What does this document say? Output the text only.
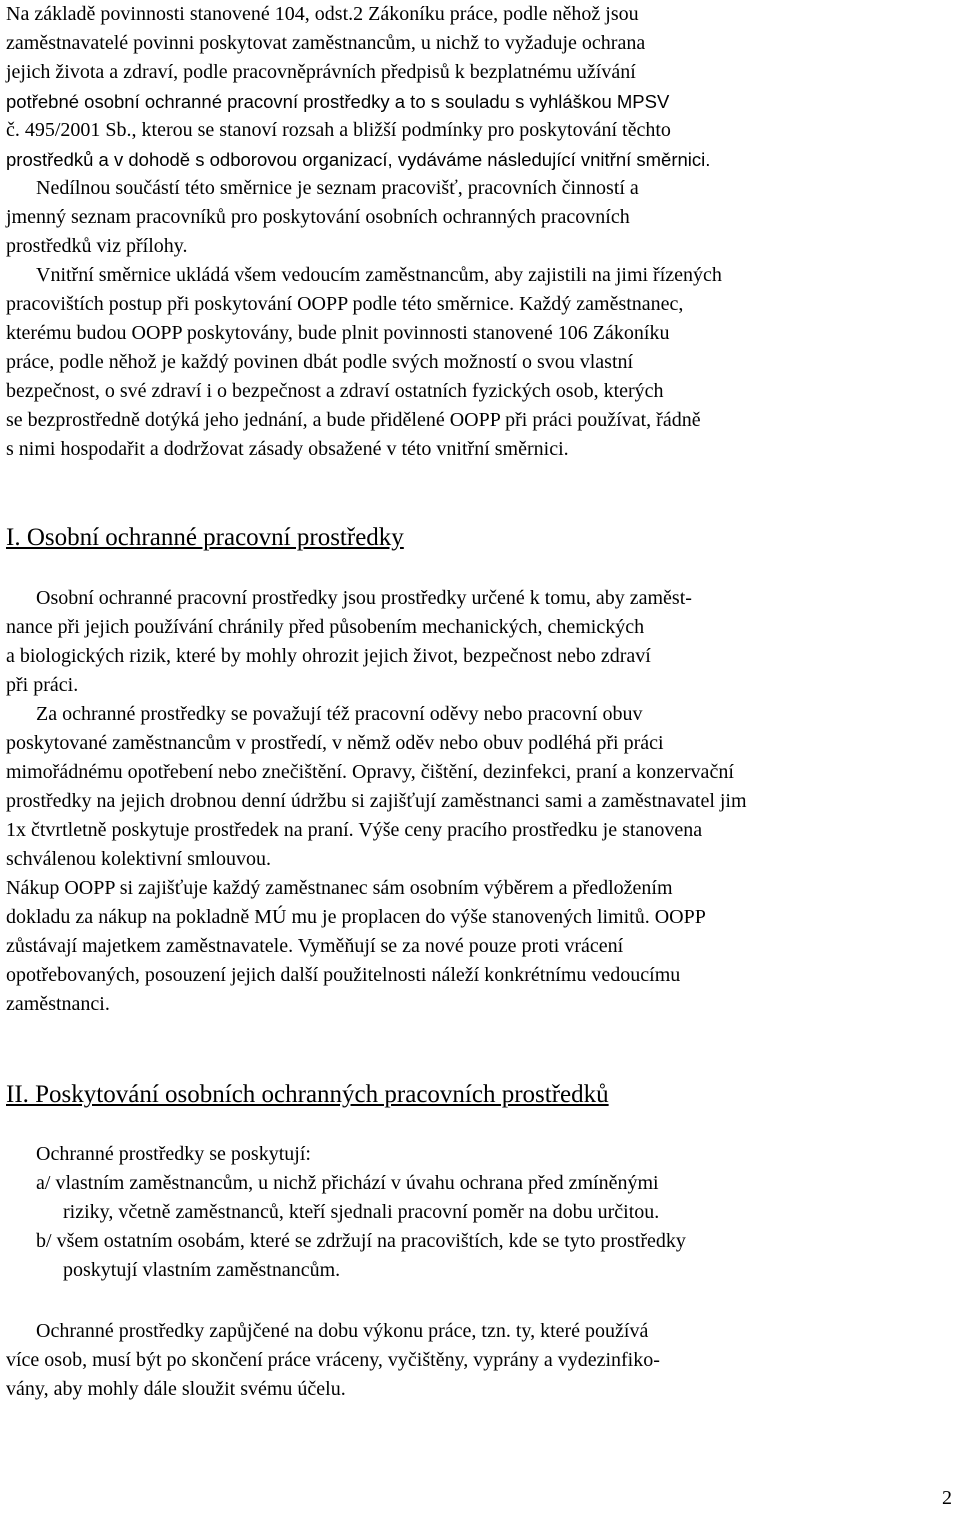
Na základě povinnosti stanovené 104, odst.2 Zákoníku práce, podle něhož jsou
zaměstnavatelé povinni poskytovat zaměstnancům, u nichž to vyžaduje ochrana
jejich života a zdraví, podle pracovněprávních předpisů k bezplatnému užívání
potřebné osobní ochranné pracovní prostředky a to s souladu s vyhláškou MPSV
č. 495/2001 Sb., kterou se stanoví rozsah a bližší podmínky pro poskytování těchto
prostředků a v dohodě s odborovou organizací, vydáváme následující vnitřní směrnici.
Nedílnou součástí této směrnice je seznam pracovišť, pracovních činností a
jmenný seznam pracovníků pro poskytování osobních ochranných pracovních
prostředků viz přílohy.
Vnitřní směrnice ukládá všem vedoucím zaměstnancům, aby zajistili na jimi řízených
pracovištích postup při poskytování OOPP podle této směrnice. Každý zaměstnanec,
kterému budou OOPP poskytovány, bude plnit povinnosti stanovené 106 Zákoníku
práce, podle něhož je každý povinen dbát podle svých možností o svou vlastní
bezpečnost, o své zdraví i o bezpečnost a zdraví ostatních fyzických osob, kterých
se bezprostředně dotýká jeho jednání, a bude přidělené OOPP při práci používat, řádně
s nimi hospodařit a dodržovat zásady obsažené v této vnitřní směrnici.
I. Osobní ochranné pracovní prostředky
Osobní ochranné pracovní prostředky jsou prostředky určené k tomu, aby zaměst-
nance při jejich používání chránily před působením mechanických, chemických
a biologických rizik, které by mohly ohrozit jejich život, bezpečnost nebo zdraví
při práci.
Za ochranné prostředky se považují též pracovní oděvy nebo pracovní obuv
poskytované zaměstnancům v prostředí, v němž oděv nebo obuv podléhá při práci
mimořádnému opotřebení nebo znečištění. Opravy, čištění, dezinfekci, praní a konzervační
prostředky na jejich drobnou denní údržbu si zajišťují zaměstnanci sami a zaměstnavatel jim
1x čtvrtletně poskytuje prostředek na praní. Výše ceny pracího prostředku je stanovena
schválenou kolektivní smlouvou.
Nákup OOPP si zajišťuje každý zaměstnanec sám osobním výběrem a předložením
dokladu za nákup na pokladně MÚ mu je proplacen do výše stanovených limitů. OOPP
zůstávají majetkem zaměstnavatele. Vyměňují se za nové pouze proti vrácení
opotřebovaných, posouzení jejich další použitelnosti náleží konkrétnímu vedoucímu
zaměstnanci.
II. Poskytování osobních ochranných pracovních prostředků
Ochranné prostředky se poskytují:
a/ vlastním zaměstnancům, u nichž přichází v úvahu ochrana před zmíněnými
riziky, včetně zaměstnanců, kteří sjednali pracovní poměr na dobu určitou.
b/ všem ostatním osobám, které se zdržují na pracovištích, kde se tyto prostředky
poskytují vlastním zaměstnancům.
Ochranné prostředky zapůjčené na dobu výkonu práce, tzn. ty, které používá
více osob, musí být po skončení práce vráceny, vyčištěny, vyprány a vydezinfiko-
vány, aby mohly dále sloužit svému účelu.
2
